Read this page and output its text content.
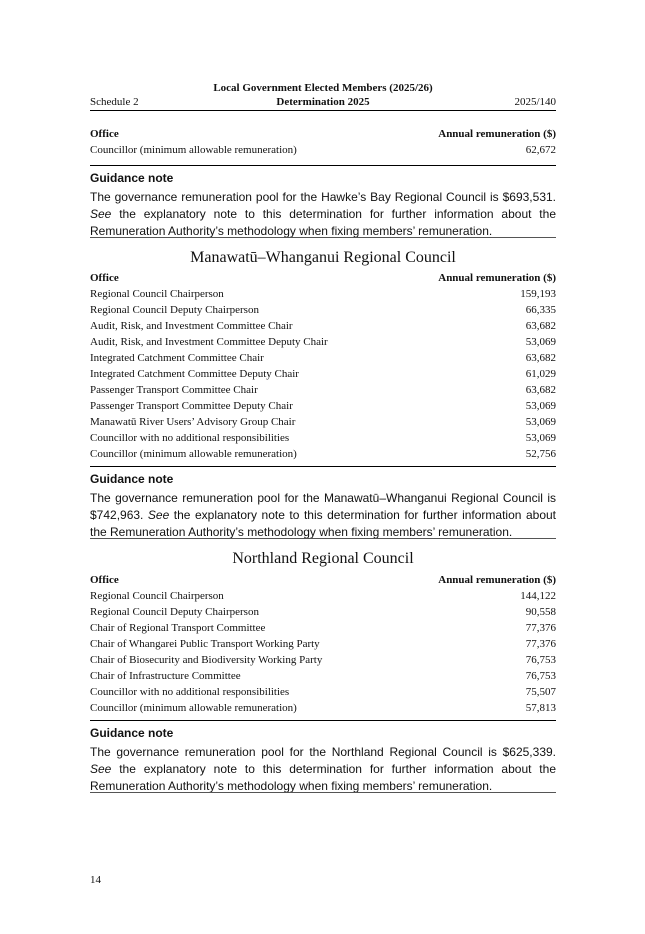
Local Government Elected Members (2025/26)
Schedule 2	Determination 2025	2025/140
Office	Annual remuneration ($)
Councillor (minimum allowable remuneration)	62,672
Guidance note
The governance remuneration pool for the Hawke’s Bay Regional Council is $693,531. See the explanatory note to this determination for further information about the Remuneration Authority’s methodology when fixing members’ remuneration.
Manawatū–Whanganui Regional Council
Office	Annual remuneration ($)
Regional Council Chairperson	159,193
Regional Council Deputy Chairperson	66,335
Audit, Risk, and Investment Committee Chair	63,682
Audit, Risk, and Investment Committee Deputy Chair	53,069
Integrated Catchment Committee Chair	63,682
Integrated Catchment Committee Deputy Chair	61,029
Passenger Transport Committee Chair	63,682
Passenger Transport Committee Deputy Chair	53,069
Manawatū River Users’ Advisory Group Chair	53,069
Councillor with no additional responsibilities	53,069
Councillor (minimum allowable remuneration)	52,756
Guidance note
The governance remuneration pool for the Manawatū–Whanganui Regional Council is $742,963. See the explanatory note to this determination for further information about the Remuneration Authority’s methodology when fixing members’ remuneration.
Northland Regional Council
Office	Annual remuneration ($)
Regional Council Chairperson	144,122
Regional Council Deputy Chairperson	90,558
Chair of Regional Transport Committee	77,376
Chair of Whangarei Public Transport Working Party	77,376
Chair of Biosecurity and Biodiversity Working Party	76,753
Chair of Infrastructure Committee	76,753
Councillor with no additional responsibilities	75,507
Councillor (minimum allowable remuneration)	57,813
Guidance note
The governance remuneration pool for the Northland Regional Council is $625,339. See the explanatory note to this determination for further information about the Remuneration Authority’s methodology when fixing members’ remuneration.
14
